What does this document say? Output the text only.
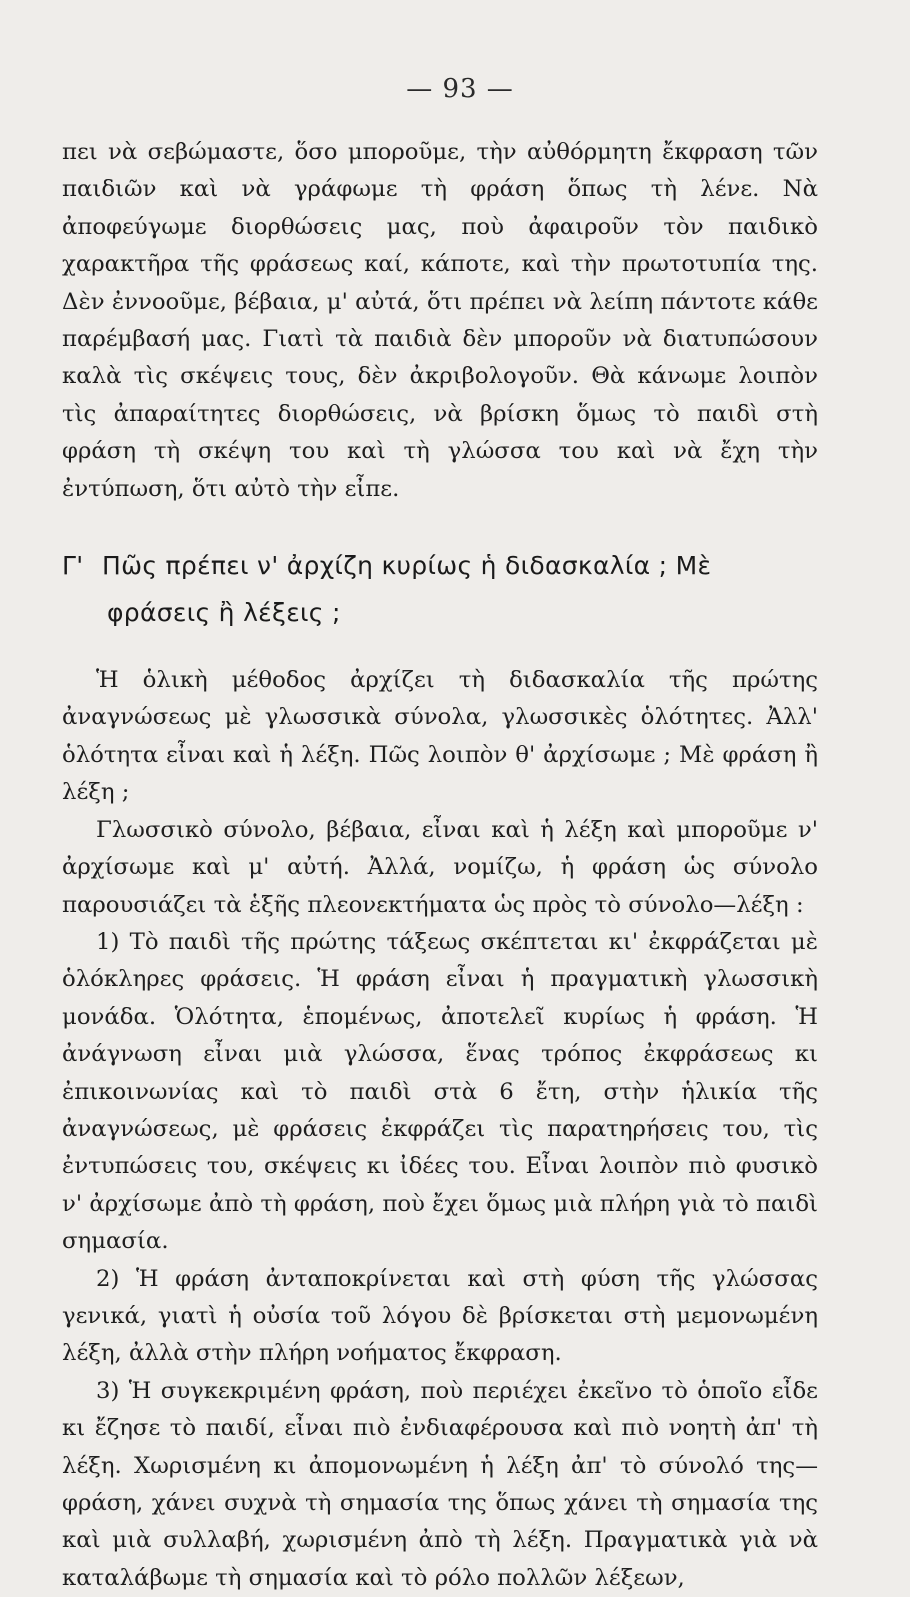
— 93 —

πει νὰ σεβώμαστε, ὅσο μποροῦμε, τὴν αὐθόρμητη ἔκφραση τῶν παιδιῶν καὶ νὰ γράφωμε τὴ φράση ὅπως τὴ λένε. Νὰ ἀποφεύγωμε διορθώσεις μας, ποὺ ἀφαιροῦν τὸν παιδικὸ χαρακτῆρα τῆς φράσεως καί, κάποτε, καὶ τὴν πρωτοτυπία της. Δὲν ἐννοοῦμε, βέβαια, μ' αὐτά, ὅτι πρέπει νὰ λείπη πάντοτε κάθε παρέμβασή μας. Γιατὶ τὰ παιδιὰ δὲν μποροῦν νὰ διατυπώσουν καλὰ τὶς σκέψεις τους, δὲν ἀκριβολογοῦν. Θὰ κάνωμε λοιπὸν τὶς ἀπαραίτητες διορθώσεις, νὰ βρίσκη ὅμως τὸ παιδὶ στὴ φράση τὴ σκέψη του καὶ τὴ γλώσσα του καὶ νὰ ἔχη τὴν ἐντύπωση, ὅτι αὐτὸ τὴν εἶπε.

Γ' Πῶς πρέπει ν' ἀρχίζη κυρίως ἡ διδασκαλία ; Μὲ
φράσεις ἢ λέξεις ;

Ἡ ὁλικὴ μέθοδος ἀρχίζει τὴ διδασκαλία τῆς πρώτης ἀναγνώσεως μὲ γλωσσικὰ σύνολα, γλωσσικὲς ὁλότητες. Ἀλλ' ὁλότητα εἶναι καὶ ἡ λέξη. Πῶς λοιπὸν θ' ἀρχίσωμε ; Μὲ φράση ἢ λέξη ;

Γλωσσικὸ σύνολο, βέβαια, εἶναι καὶ ἡ λέξη καὶ μποροῦμε ν' ἀρχίσωμε καὶ μ' αὐτή. Ἀλλά, νομίζω, ἡ φράση ὡς σύνολο παρουσιάζει τὰ ἑξῆς πλεονεκτήματα ὡς πρὸς τὸ σύνολο—λέξη :

1) Τὸ παιδὶ τῆς πρώτης τάξεως σκέπτεται κι' ἐκφράζεται μὲ ὁλόκληρες φράσεις. Ἡ φράση εἶναι ἡ πραγματικὴ γλωσσικὴ μονάδα. Ὁλότητα, ἑπομένως, ἀποτελεῖ κυρίως ἡ φράση. Ἡ ἀνάγνωση εἶναι μιὰ γλώσσα, ἕνας τρόπος ἐκφράσεως κι ἐπικοινωνίας καὶ τὸ παιδὶ στὰ 6 ἔτη, στὴν ἡλικία τῆς ἀναγνώσεως, μὲ φράσεις ἐκφράζει τὶς παρατηρήσεις του, τὶς ἐντυπώσεις του, σκέψεις κι ἰδέες του. Εἶναι λοιπὸν πιὸ φυσικὸ ν' ἀρχίσωμε ἀπὸ τὴ φράση, ποὺ ἔχει ὅμως μιὰ πλήρη γιὰ τὸ παιδὶ σημασία.

2) Ἡ φράση ἀνταποκρίνεται καὶ στὴ φύση τῆς γλώσσας γενικά, γιατὶ ἡ οὐσία τοῦ λόγου δὲ βρίσκεται στὴ μεμονωμένη λέξη, ἀλλὰ στὴν πλήρη νοήματος ἔκφραση.

3) Ἡ συγκεκριμένη φράση, ποὺ περιέχει ἐκεῖνο τὸ ὁποῖο εἶδε κι ἔζησε τὸ παιδί, εἶναι πιὸ ἐνδιαφέρουσα καὶ πιὸ νοητὴ ἀπ' τὴ λέξη. Χωρισμένη κι ἀπομονωμένη ἡ λέξη ἀπ' τὸ σύνολό της—φράση, χάνει συχνὰ τὴ σημασία της ὅπως χάνει τὴ σημασία της καὶ μιὰ συλλαβή, χωρισμένη ἀπὸ τὴ λέξη. Πραγματικὰ γιὰ νὰ καταλάβωμε τὴ σημασία καὶ τὸ ρόλο πολλῶν λέξεων,
